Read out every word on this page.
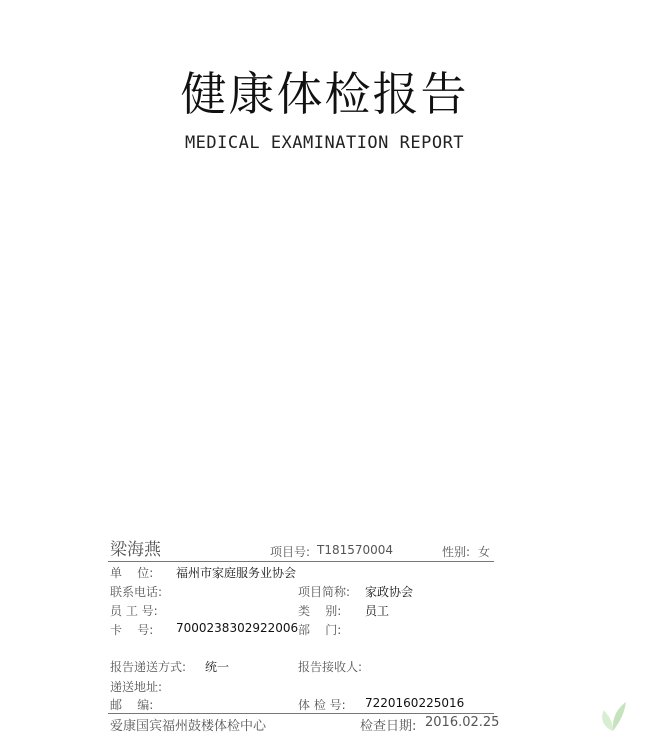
健康体检报告
MEDICAL EXAMINATION REPORT
梁海燕	项目号: T181570004	性别: 女
单    位: 福州市家庭服务业协会
联系电话:	项目简称: 家政协会
员 工 号:	类    别: 员工
卡    号: 7000238302922006 部    门:
报告递送方式: 统一	报告接收人:
递送地址:
邮    编:	体 检 号: 7220160225016
爱康国宾福州鼓楼体检中心	检查日期: 2016.02.25
